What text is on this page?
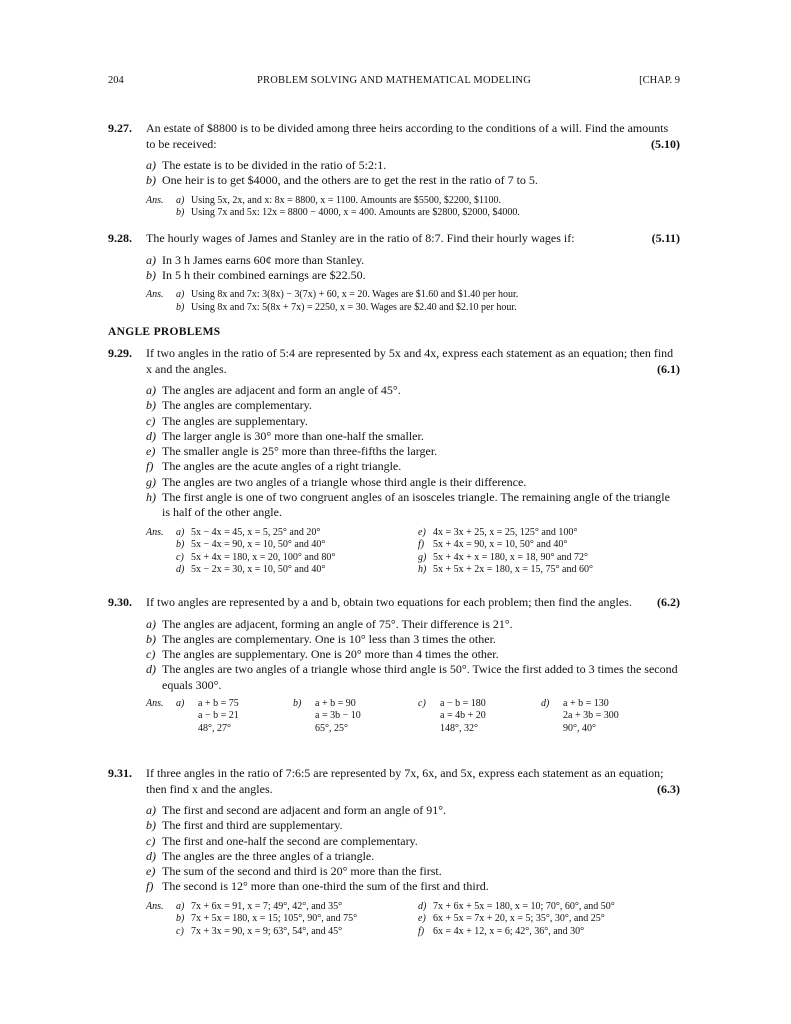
204	PROBLEM SOLVING AND MATHEMATICAL MODELING	[CHAP. 9
9.27. An estate of $8800 is to be divided among three heirs according to the conditions of a will. Find the amounts to be received:	(5.10)
a) The estate is to be divided in the ratio of 5:2:1.
b) One heir is to get $4000, and the others are to get the rest in the ratio of 7 to 5.
Ans. a) Using 5x, 2x, and x: 8x = 8800, x = 1100. Amounts are $5500, $2200, $1100.
b) Using 7x and 5x: 12x = 8800 − 4000, x = 400. Amounts are $2800, $2000, $4000.
9.28.	(5.11)
The hourly wages of James and Stanley are in the ratio of 8:7. Find their hourly wages if:
a) In 3 h James earns 60¢ more than Stanley.
b) In 5 h their combined earnings are $22.50.
Ans. a) Using 8x and 7x: 3(8x) − 3(7x) + 60, x = 20. Wages are $1.60 and $1.40 per hour.
b) Using 8x and 7x: 5(8x + 7x) = 2250, x = 30. Wages are $2.40 and $2.10 per hour.
ANGLE PROBLEMS
9.29. If two angles in the ratio of 5:4 are represented by 5x and 4x, express each statement as an equation; then find x and the angles.	(6.1)
a) The angles are adjacent and form an angle of 45°.
b) The angles are complementary.
c) The angles are supplementary.
d) The larger angle is 30° more than one-half the smaller.
e) The smaller angle is 25° more than three-fifths the larger.
f) The angles are the acute angles of a right triangle.
g) The angles are two angles of a triangle whose third angle is their difference.
h) The first angle is one of two congruent angles of an isosceles triangle. The remaining angle of the triangle is half of the other angle.
Ans. a) 5x − 4x = 45, x = 5, 25° and 20°
b) 5x − 4x = 90, x = 10, 50° and 40°
c) 5x + 4x = 180, x = 20, 100° and 80°
d) 5x − 2x = 30, x = 10, 50° and 40°
e) 4x = 3x + 25, x = 25, 125° and 100°
f) 5x + 4x = 90, x = 10, 50° and 40°
g) 5x + 4x + x = 180, x = 18, 90° and 72°
h) 5x + 5x + 2x = 180, x = 15, 75° and 60°
9.30. If two angles are represented by a and b, obtain two equations for each problem; then find the angles. (6.2)
a) The angles are adjacent, forming an angle of 75°. Their difference is 21°.
b) The angles are complementary. One is 10° less than 3 times the other.
c) The angles are supplementary. One is 20° more than 4 times the other.
d) The angles are two angles of a triangle whose third angle is 50°. Twice the first added to 3 times the second equals 300°.
Ans. a) a + b = 75
a − b = 21
48°, 27°
b) a + b = 90
a = 3b − 10
65°, 25°
c) a − b = 180
a = 4b + 20
148°, 32°
d) a + b = 130
2a + 3b = 300
90°, 40°
9.31. If three angles in the ratio of 7:6:5 are represented by 7x, 6x, and 5x, express each statement as an equation; then find x and the angles.	(6.3)
a) The first and second are adjacent and form an angle of 91°.
b) The first and third are supplementary.
c) The first and one-half the second are complementary.
d) The angles are the three angles of a triangle.
e) The sum of the second and third is 20° more than the first.
f) The second is 12° more than one-third the sum of the first and third.
Ans. a) 7x + 6x = 91, x = 7; 49°, 42°, and 35°
b) 7x + 5x = 180, x = 15; 105°, 90°, and 75°
c) 7x + 3x = 90, x = 9; 63°, 54°, and 45°
d) 7x + 6x + 5x = 180, x = 10; 70°, 60°, and 50°
e) 6x + 5x = 7x + 20, x = 5; 35°, 30°, and 25°
f) 6x = 4x + 12, x = 6; 42°, 36°, and 30°
